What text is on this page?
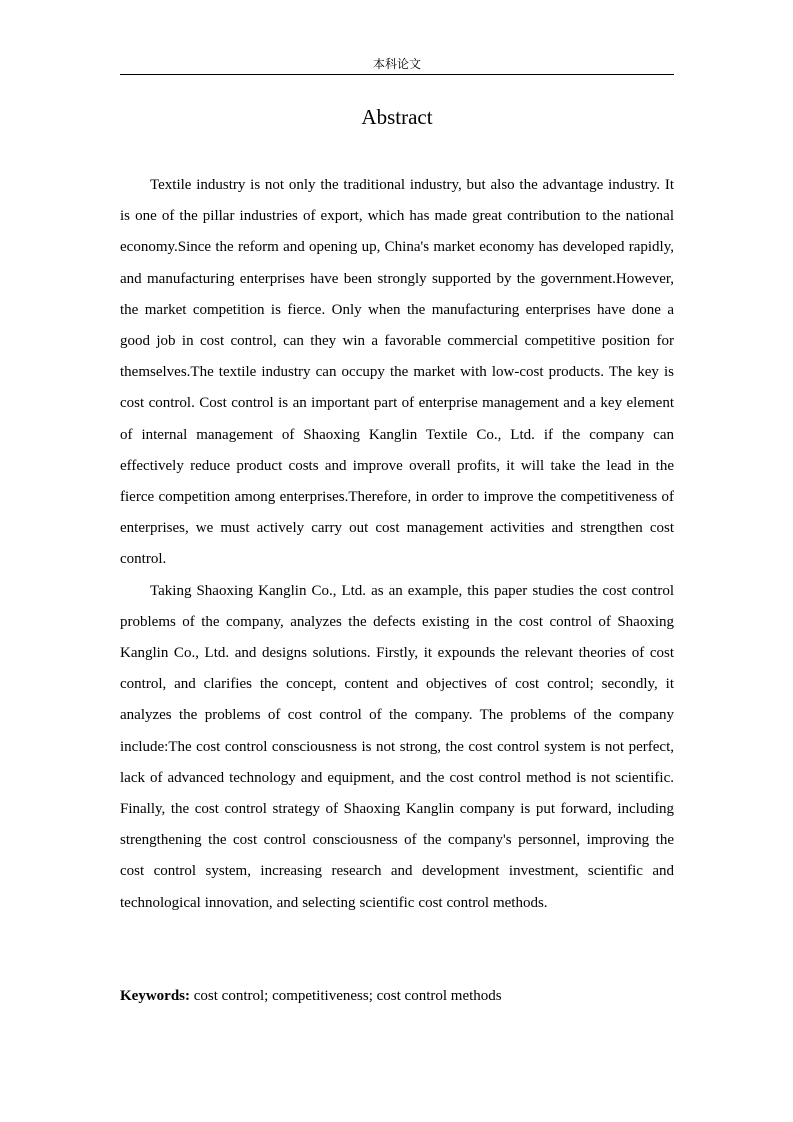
本科论文
Abstract

Textile industry is not only the traditional industry, but also the advantage industry. It is one of the pillar industries of export, which has made great contribution to the national economy.Since the reform and opening up, China's market economy has developed rapidly, and manufacturing enterprises have been strongly supported by the government.However, the market competition is fierce. Only when the manufacturing enterprises have done a good job in cost control, can they win a favorable commercial competitive position for themselves.The textile industry can occupy the market with low-cost products. The key is cost control. Cost control is an important part of enterprise management and a key element of internal management of Shaoxing Kanglin Textile Co., Ltd. if the company can effectively reduce product costs and improve overall profits, it will take the lead in the fierce competition among enterprises.Therefore, in order to improve the competitiveness of enterprises, we must actively carry out cost management activities and strengthen cost control.

Taking Shaoxing Kanglin Co., Ltd. as an example, this paper studies the cost control problems of the company, analyzes the defects existing in the cost control of Shaoxing Kanglin Co., Ltd. and designs solutions. Firstly, it expounds the relevant theories of cost control, and clarifies the concept, content and objectives of cost control; secondly, it analyzes the problems of cost control of the company. The problems of the company include:The cost control consciousness is not strong, the cost control system is not perfect, lack of advanced technology and equipment, and the cost control method is not scientific. Finally, the cost control strategy of Shaoxing Kanglin company is put forward, including strengthening the cost control consciousness of the company's personnel, improving the cost control system, increasing research and development investment, scientific and technological innovation, and selecting scientific cost control methods.

Keywords: cost control; competitiveness; cost control methods
